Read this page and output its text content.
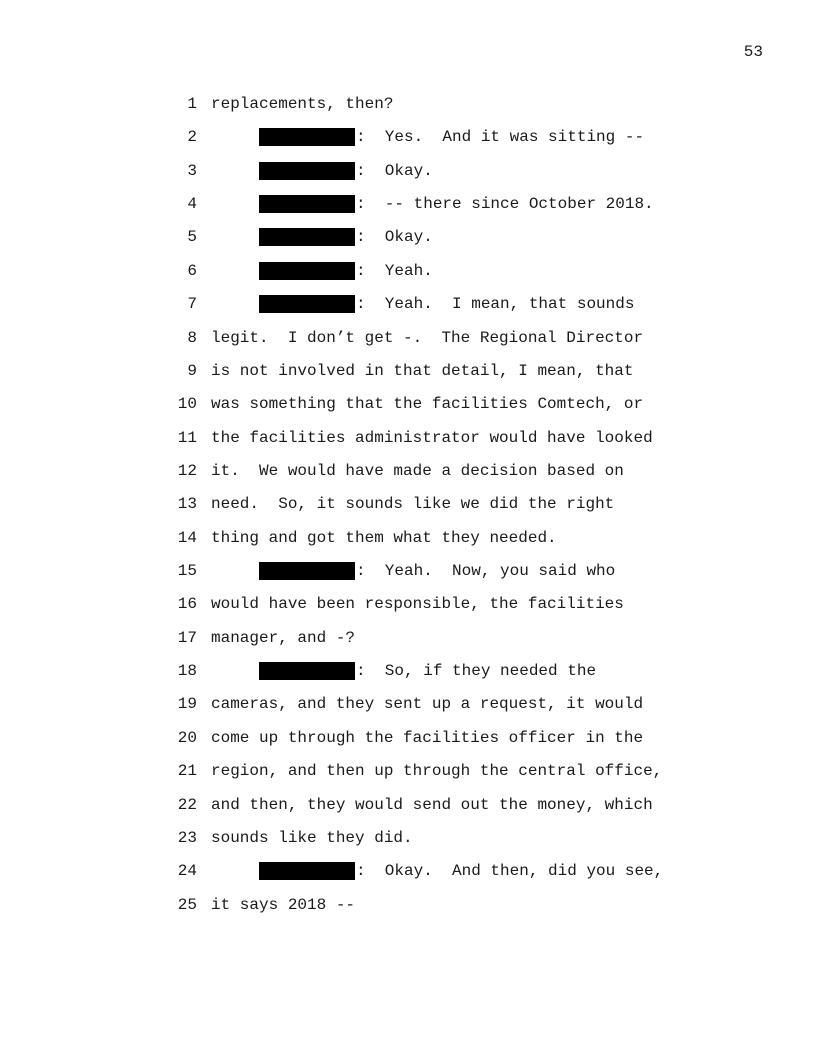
53
1 replacements, then?
2	:  Yes.  And it was sitting --
3	:  Okay.
4	:  -- there since October 2018.
5	:  Okay.
6	:  Yeah.
7	:  Yeah.  I mean, that sounds
8 legit.  I don’t get -.  The Regional Director
9 is not involved in that detail, I mean, that
10 was something that the facilities Comtech, or
11 the facilities administrator would have looked
12 it.  We would have made a decision based on
13 need.  So, it sounds like we did the right
14 thing and got them what they needed.
15	:  Yeah.  Now, you said who
16 would have been responsible, the facilities
17 manager, and -?
18	:  So, if they needed the
19 cameras, and they sent up a request, it would
20 come up through the facilities officer in the
21 region, and then up through the central office,
22 and then, they would send out the money, which
23 sounds like they did.
24	:  Okay.  And then, did you see,
25 it says 2018 --
